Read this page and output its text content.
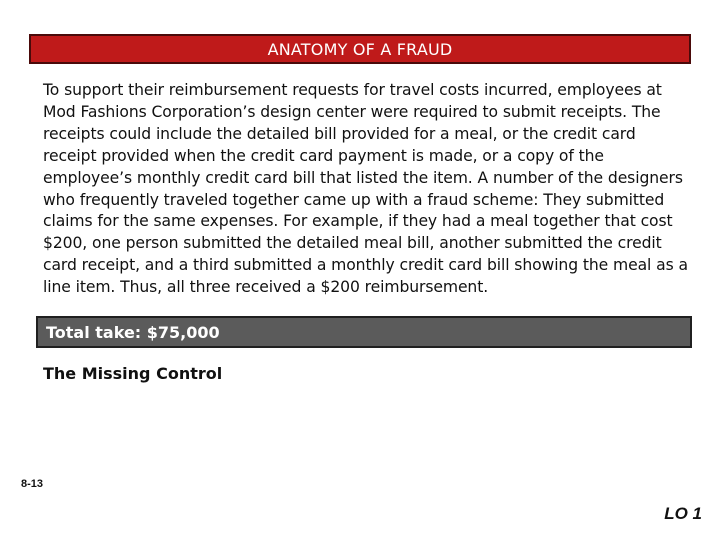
ANATOMY OF A FRAUD
To support their reimbursement requests for travel costs incurred, employees at Mod Fashions Corporation’s design center were required to submit receipts. The receipts could include the detailed bill provided for a meal, or the credit card receipt provided when the credit card payment is made, or a copy of the employee’s monthly credit card bill that listed the item. A number of the designers who frequently traveled together came up with a fraud scheme: They submitted claims for the same expenses. For example, if they had a meal together that cost $200, one person submitted the detailed meal bill, another submitted the credit card receipt, and a third submitted a monthly credit card bill showing the meal as a line item. Thus, all three received a $200 reimbursement.
Total take: $75,000
The Missing Control
8-13
LO 1
